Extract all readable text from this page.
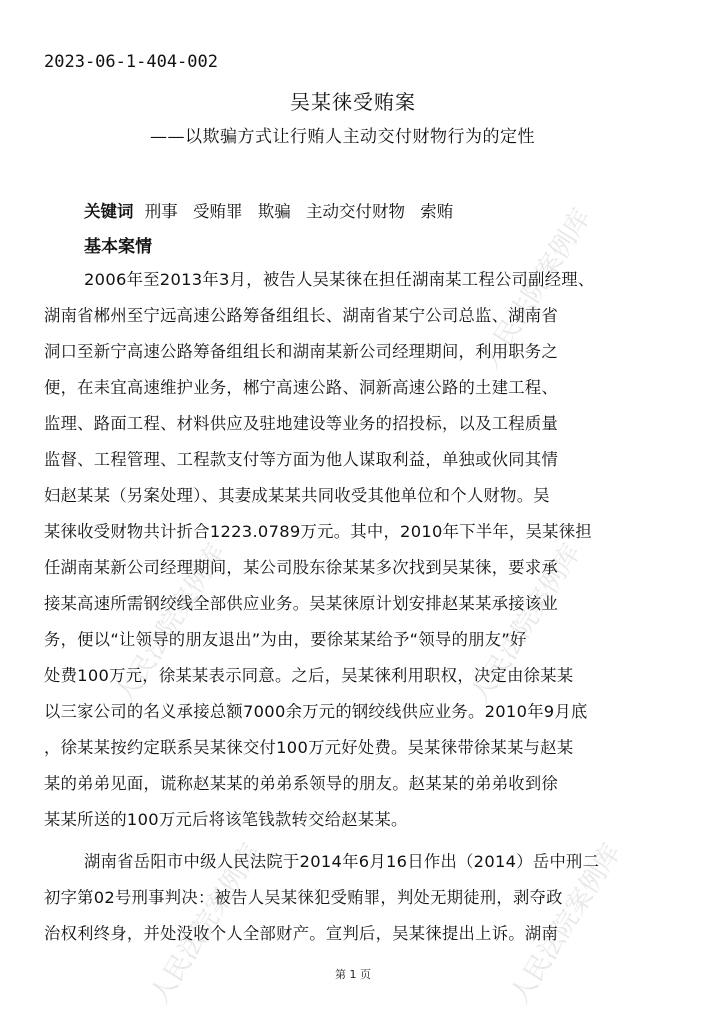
人民法院案例库
人民法院案例库	人民法院案例库
人民法院案例库	人民法院案例库
2023-06-1-404-002
吴某徕受贿案
——以欺骗方式让行贿人主动交付财物行为的定性
关键词 刑事 受贿罪 欺骗 主动交付财物 索贿
基本案情
2006年至2013年3月，被告人吴某徕在担任湖南某工程公司副经理、
湖南省郴州至宁远高速公路筹备组组长、湖南省某宁公司总监、湖南省
洞口至新宁高速公路筹备组组长和湖南某新公司经理期间，利用职务之
便，在耒宜高速维护业务，郴宁高速公路、洞新高速公路的土建工程、
监理、路面工程、材料供应及驻地建设等业务的招投标，以及工程质量
监督、工程管理、工程款支付等方面为他人谋取利益，单独或伙同其情
妇赵某某（另案处理）、其妻成某某共同收受其他单位和个人财物。吴
某徕收受财物共计折合1223.0789万元。其中，2010年下半年，吴某徕担
任湖南某新公司经理期间，某公司股东徐某某多次找到吴某徕，要求承
接某高速所需钢绞线全部供应业务。吴某徕原计划安排赵某某承接该业
务，便以“让领导的朋友退出”为由，要徐某某给予“领导的朋友”好
处费100万元，徐某某表示同意。之后，吴某徕利用职权，决定由徐某某
以三家公司的名义承接总额7000余万元的钢绞线供应业务。2010年9月底
，徐某某按约定联系吴某徕交付100万元好处费。吴某徕带徐某某与赵某
某的弟弟见面，谎称赵某某的弟弟系领导的朋友。赵某某的弟弟收到徐
某某所送的100万元后将该笔钱款转交给赵某某。
湖南省岳阳市中级人民法院于2014年6月16日作出（2014）岳中刑二
初字第02号刑事判决：被告人吴某徕犯受贿罪，判处无期徒刑，剥夺政
治权利终身，并处没收个人全部财产。宣判后，吴某徕提出上诉。湖南
第 1 页
